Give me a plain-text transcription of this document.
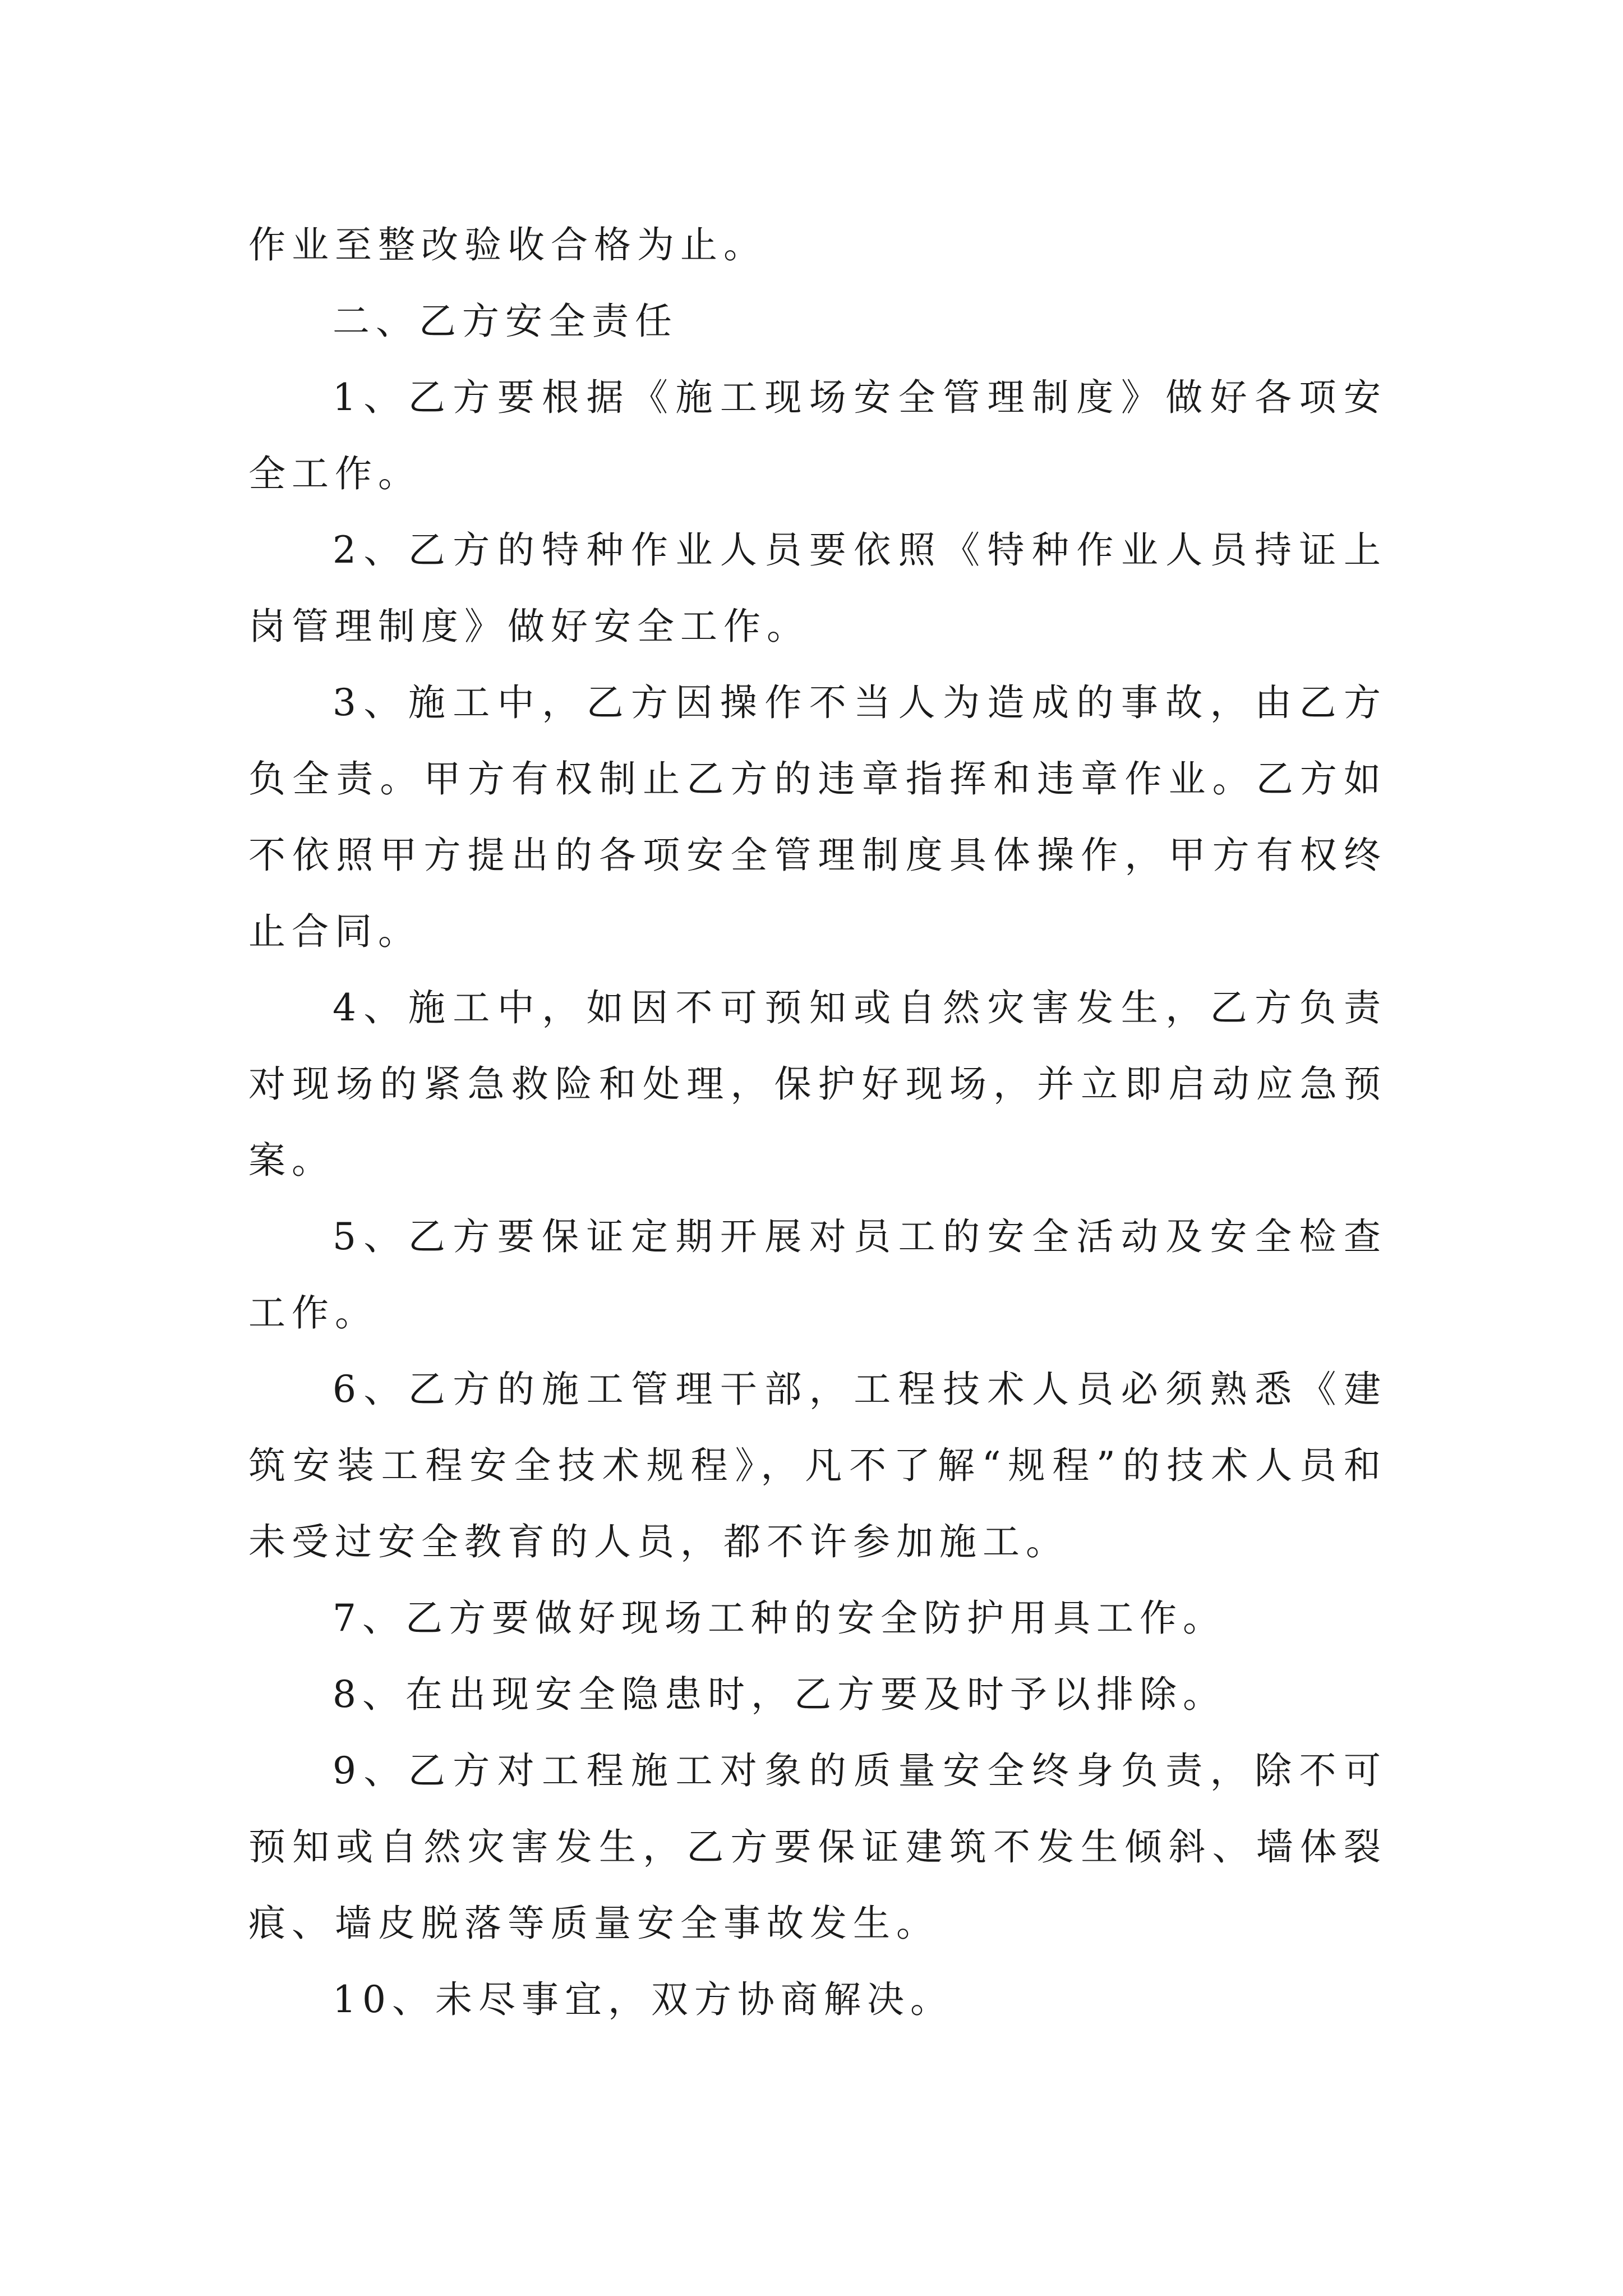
作业至整改验收合格为止。

二、乙方安全责任

1、乙方要根据《施工现场安全管理制度》做好各项安全工作。

2、乙方的特种作业人员要依照《特种作业人员持证上岗管理制度》做好安全工作。

3、施工中，乙方因操作不当人为造成的事故，由乙方负全责。甲方有权制止乙方的违章指挥和违章作业。乙方如不依照甲方提出的各项安全管理制度具体操作，甲方有权终止合同。

4、施工中，如因不可预知或自然灾害发生，乙方负责对现场的紧急救险和处理，保护好现场，并立即启动应急预案。

5、乙方要保证定期开展对员工的安全活动及安全检查工作。

6、乙方的施工管理干部，工程技术人员必须熟悉《建筑安装工程安全技术规程》，凡不了解“规程”的技术人员和未受过安全教育的人员，都不许参加施工。

7、乙方要做好现场工种的安全防护用具工作。

8、在出现安全隐患时，乙方要及时予以排除。

9、乙方对工程施工对象的质量安全终身负责，除不可预知或自然灾害发生，乙方要保证建筑不发生倾斜、墙体裂痕、墙皮脱落等质量安全事故发生。

10、未尽事宜，双方协商解决。
